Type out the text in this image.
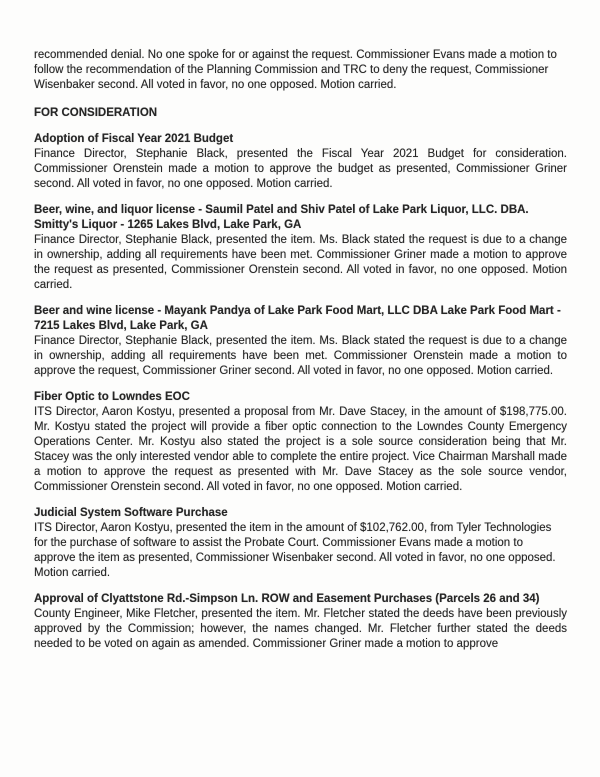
recommended denial. No one spoke for or against the request. Commissioner Evans made a motion to follow the recommendation of the Planning Commission and TRC to deny the request, Commissioner Wisenbaker second. All voted in favor, no one opposed. Motion carried.

FOR CONSIDERATION
Adoption of Fiscal Year 2021 Budget

Finance Director, Stephanie Black, presented the Fiscal Year 2021 Budget for consideration. Commissioner Orenstein made a motion to approve the budget as presented, Commissioner Griner second. All voted in favor, no one opposed. Motion carried.

Beer, wine, and liquor license - Saumil Patel and Shiv Patel of Lake Park Liquor, LLC. DBA. Smitty's Liquor - 1265 Lakes Blvd, Lake Park, GA

Finance Director, Stephanie Black, presented the item. Ms. Black stated the request is due to a change in ownership, adding all requirements have been met. Commissioner Griner made a motion to approve the request as presented, Commissioner Orenstein second. All voted in favor, no one opposed. Motion carried.

Beer and wine license - Mayank Pandya of Lake Park Food Mart, LLC DBA Lake Park Food Mart - 7215 Lakes Blvd, Lake Park, GA

Finance Director, Stephanie Black, presented the item. Ms. Black stated the request is due to a change in ownership, adding all requirements have been met. Commissioner Orenstein made a motion to approve the request, Commissioner Griner second. All voted in favor, no one opposed. Motion carried.

Fiber Optic to Lowndes EOC

ITS Director, Aaron Kostyu, presented a proposal from Mr. Dave Stacey, in the amount of $198,775.00. Mr. Kostyu stated the project will provide a fiber optic connection to the Lowndes County Emergency Operations Center. Mr. Kostyu also stated the project is a sole source consideration being that Mr. Stacey was the only interested vendor able to complete the entire project. Vice Chairman Marshall made a motion to approve the request as presented with Mr. Dave Stacey as the sole source vendor, Commissioner Orenstein second. All voted in favor, no one opposed. Motion carried.

Judicial System Software Purchase

ITS Director, Aaron Kostyu, presented the item in the amount of $102,762.00, from Tyler Technologies for the purchase of software to assist the Probate Court. Commissioner Evans made a motion to approve the item as presented, Commissioner Wisenbaker second. All voted in favor, no one opposed. Motion carried.

Approval of Clyattstone Rd.-Simpson Ln. ROW and Easement Purchases (Parcels 26 and 34)

County Engineer, Mike Fletcher, presented the item. Mr. Fletcher stated the deeds have been previously approved by the Commission; however, the names changed. Mr. Fletcher further stated the deeds needed to be voted on again as amended. Commissioner Griner made a motion to approve
